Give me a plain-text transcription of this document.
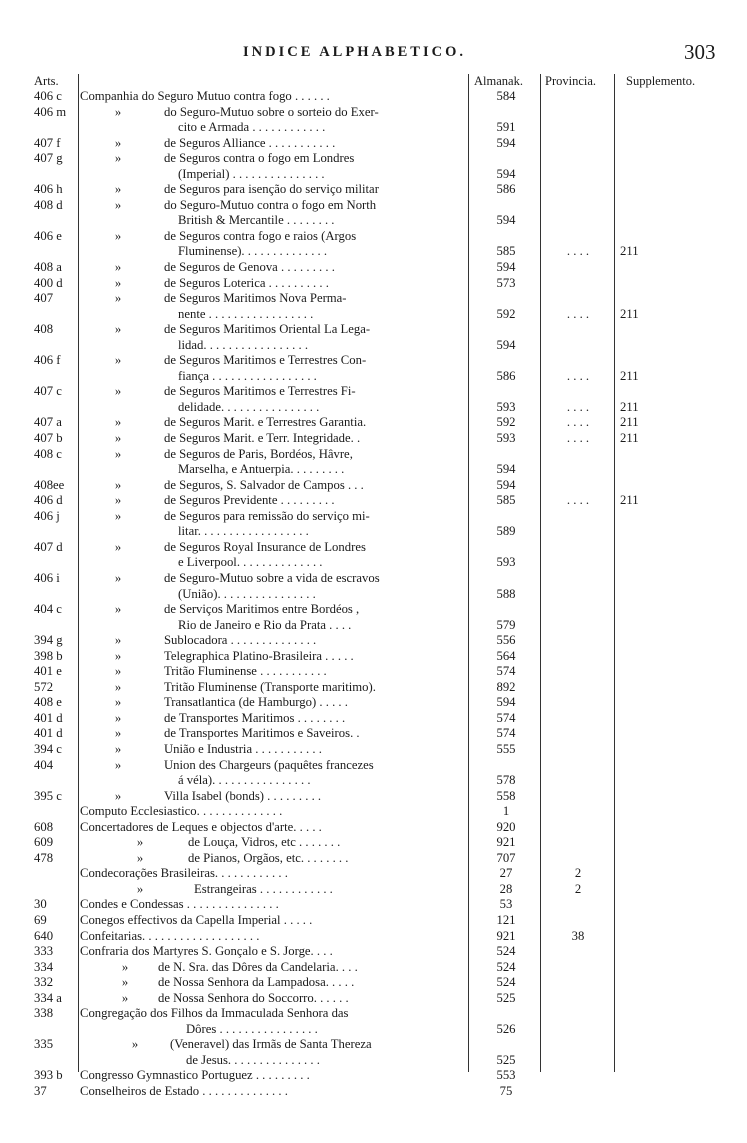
INDICE ALPHABETICO.	303
Arts.	Almanak. Provincia. Supplemento.
406 c	Companhia do Seguro Mutuo contra fogo . . . . . .	584
406 m	»	do Seguro-Mutuo sobre o sorteio do Exer-
cito e Armada . . . . . . . . . . . .	591
407 f	»	de Seguros Alliance . . . . . . . . . . .	594
407 g	»	de Seguros contra o fogo em Londres
(Imperial) . . . . . . . . . . . . . . .	594
406 h	»	de Seguros para isenção do serviço militar	586
408 d	»	do Seguro-Mutuo contra o fogo em North
British & Mercantile . . . . . . . .	594
406 e	»	de Seguros contra fogo e raios (Argos
Fluminense). . . . . . . . . . . . . .	585	. . . .	211
408 a	»	de Seguros de Genova . . . . . . . . .	594
400 d	»	de Seguros Loterica . . . . . . . . . .	573
407	»	de Seguros Maritimos Nova Perma-
nente . . . . . . . . . . . . . . . . .	592	. . . .	211
408	»	de Seguros Maritimos Oriental La Lega-
lidad. . . . . . . . . . . . . . . . .	594
406 f	»	de Seguros Maritimos e Terrestres Con-
fiança . . . . . . . . . . . . . . . . .	586	. . . .	211
407 c	»	de Seguros Maritimos e Terrestres Fi-
delidade. . . . . . . . . . . . . . . .	593	. . . .	211
407 a	»	de Seguros Marit. e Terrestres Garantia.	592	. . . .	211
407 b	»	de Seguros Marit. e Terr. Integridade. .	593	. . . .	211
408 c	»	de Seguros de Paris, Bordéos, Hâvre,
Marselha, e Antuerpia. . . . . . . . .	594
408ee	»	de Seguros, S. Salvador de Campos . . .	594
406 d	»	de Seguros Previdente . . . . . . . . .	585	. . . .	211
406 j	»	de Seguros para remissão do serviço mi-
litar. . . . . . . . . . . . . . . . . .	589
407 d	»	de Seguros Royal Insurance de Londres
e Liverpool. . . . . . . . . . . . . .	593
406 i	»	de Seguro-Mutuo sobre a vida de escravos
(União). . . . . . . . . . . . . . . .	588
404 c	»	de Serviços Maritimos entre Bordéos ,
Rio de Janeiro e Rio da Prata . . . .	579
394 g	»	Sublocadora . . . . . . . . . . . . . .	556
398 b	»	Telegraphica Platino-Brasileira . . . . .	564
401 e	»	Tritão Fluminense . . . . . . . . . . .	574
572	»	Tritão Fluminense (Transporte maritimo).	892
408 e	»	Transatlantica (de Hamburgo) . . . . .	594
401 d	»	de Transportes Maritimos . . . . . . . .	574
401 d	»	de Transportes Maritimos e Saveiros. .	574
394 c	»	União e Industria . . . . . . . . . . .	555
404	»	Union des Chargeurs (paquêtes francezes
á véla). . . . . . . . . . . . . . . .	578
395 c	»	Villa Isabel (bonds) . . . . . . . . .	558
Computo Ecclesiastico. . . . . . . . . . . . . .	1
608	Concertadores de Leques e objectos d'arte. . . . .	920
609	»	de Louça, Vidros, etc . . . . . . .	921
478	»	de Pianos, Orgãos, etc. . . . . . . .	707
Condecorações Brasileiras. . . . . . . . . . . .	27	2
»	Estrangeiras . . . . . . . . . . . .	28	2
30	Condes e Condessas . . . . . . . . . . . . . . .	53
69	Conegos effectivos da Capella Imperial . . . . .	121
640	Confeitarias. . . . . . . . . . . . . . . . . . .	921	38
333	Confraria dos Martyres S. Gonçalo e S. Jorge. . . .	524
334	»	de N. Sra. das Dôres da Candelaria. . . .	524
332	»	de Nossa Senhora da Lampadosa. . . . .	524
334 a	»	de Nossa Senhora do Soccorro. . . . . .	525
338	Congregação dos Filhos da Immaculada Senhora das
Dôres . . . . . . . . . . . . . . . .	526
335	»	(Veneravel) das Irmãs de Santa Thereza
de Jesus. . . . . . . . . . . . . . .	525
393 b	Congresso Gymnastico Portuguez . . . . . . . . .	553
37	Conselheiros de Estado . . . . . . . . . . . . . .	75
